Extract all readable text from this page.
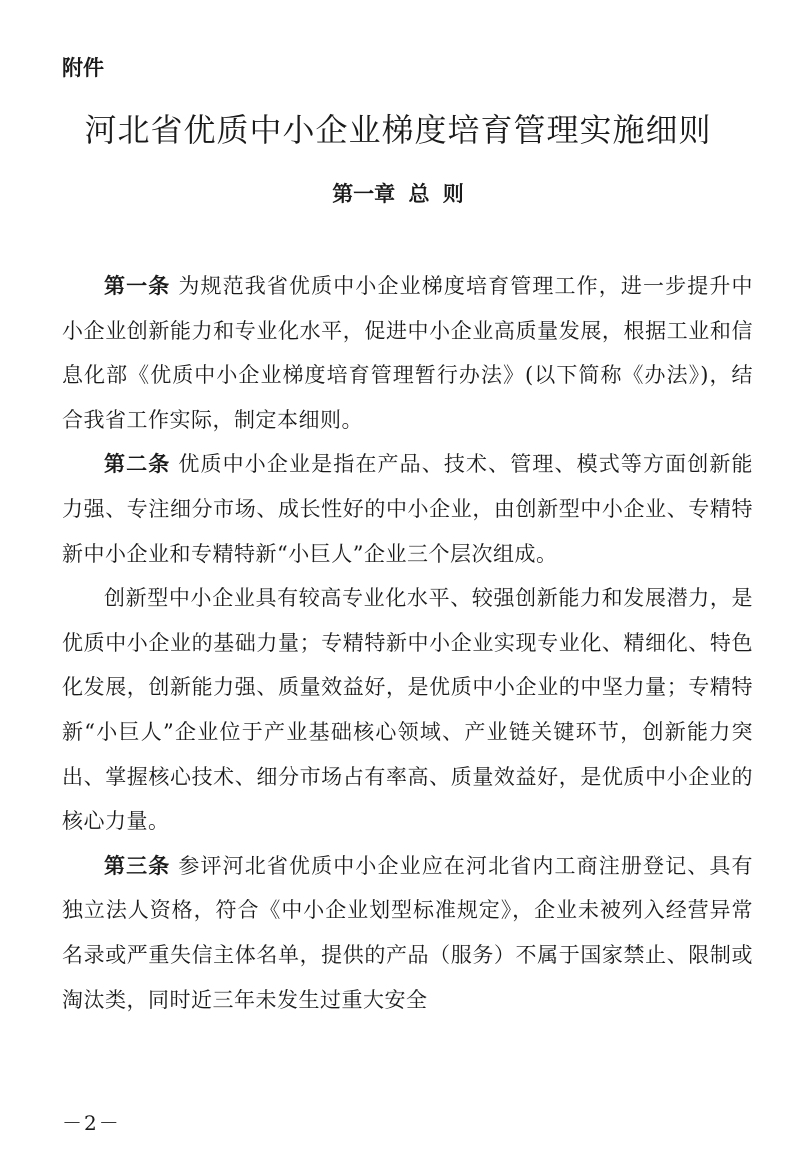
附件
河北省优质中小企业梯度培育管理实施细则
第一章 总 则

第一条 为规范我省优质中小企业梯度培育管理工作，进一步提升中小企业创新能力和专业化水平，促进中小企业高质量发展，根据工业和信息化部《优质中小企业梯度培育管理暂行办法》(以下简称《办法》)，结合我省工作实际，制定本细则。

第二条 优质中小企业是指在产品、技术、管理、模式等方面创新能力强、专注细分市场、成长性好的中小企业，由创新型中小企业、专精特新中小企业和专精特新“小巨人”企业三个层次组成。

创新型中小企业具有较高专业化水平、较强创新能力和发展潜力，是优质中小企业的基础力量；专精特新中小企业实现专业化、精细化、特色化发展，创新能力强、质量效益好，是优质中小企业的中坚力量；专精特新“小巨人”企业位于产业基础核心领域、产业链关键环节，创新能力突出、掌握核心技术、细分市场占有率高、质量效益好，是优质中小企业的核心力量。

第三条 参评河北省优质中小企业应在河北省内工商注册登记、具有独立法人资格，符合《中小企业划型标准规定》，企业未被列入经营异常名录或严重失信主体名单，提供的产品（服务）不属于国家禁止、限制或淘汰类，同时近三年未发生过重大安全

－2－
